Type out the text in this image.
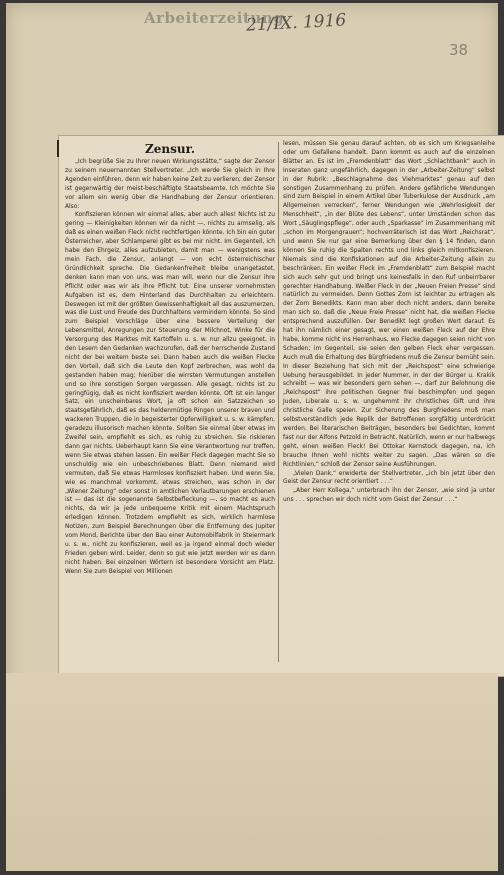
Arbeiterzeitung
21/IX. 1916
38
Zensur.

„Ich begrüße Sie zu Ihrer neuen Wirkungsstätte,“ sagte der Zensor zu seinem neuernannten Stellvertreter. „Ich werde Sie gleich in Ihre Agenden einführen, denn wir haben keine Zeit zu verlieren; der Zensor ist gegenwärtig der meist-beschäftigte Staatsbeamte. Ich möchte Sie vor allem ein wenig über die Handhabung der Zensur orientieren. Also:

Konfiszieren können wir einmal alles, aber auch alles! Nichts ist zu gering — Kleinigkeiten können wir da nicht —, nichts zu armselig, als daß es einen weißen Fleck nicht rechtfertigen könnte. Ich bin ein guter Österreicher, aber Schlamperei gibt es bei mir nicht. Im Gegenteil, ich habe den Ehrgeiz, alles aufzubieten, damit man — wenigstens was mein Fach, die Zensur, anlangt — von echt österreichischer Gründlichkeit spreche. Die Gedankenfreiheit bleibe unangetastet, denken kann man von uns, was man will, wenn nur die Zensur ihre Pflicht oder was wir als ihre Pflicht tut. Eine unserer vornehmsten Aufgaben ist es, dem Hinterland das Durchhalten zu erleichtern. Deswegen ist mit der größten Gewissenhaftigkeit all das auszumerzen, was die Lust und Freude des Durchhaltens vermindern könnte. So sind zum Beispiel Vorschläge über eine bessere Verteilung der Lebensmittel, Anregungen zur Steuerung der Milchnot, Winke für die Versorgung des Marktes mit Kartoffeln u. s. w. nur allzu geeignet, in den Lesern den Gedanken wachzurufen, daß der herrschende Zustand nicht der bei weitem beste sei. Dann haben auch die weißen Flecke den Vorteil, daß sich die Leute den Kopf zerbrechen, was wohl da gestanden haben mag; hierüber die wirrsten Vermutungen anstellen und so ihre sonstigen Sorgen vergessen. Alle gesagt, nichts ist zu geringfügig, daß es nicht konfisziert werden könnte. Oft ist ein langer Satz, ein unscheinbares Wort, ja oft schon ein Satzzeichen so staatsgefährlich, daß es das heldenmütige Ringen unserer braven und wackeren Truppen, die in begeisterter Opferwilligkeit u. s. w. kämpfen, geradezu illusorisch machen könnte. Sollten Sie einmal über etwas im Zweifel sein, empfiehlt es sich, es ruhig zu streichen. Sie riskieren dann gar nichts. Ueberhaupt kann Sie eine Verantwortung nur treffen, wenn Sie etwas stehen lassen. Ein weißer Fleck dagegen macht Sie so unschuldig wie ein unbeschriebenes Blatt. Denn niemand wird vermuten, daß Sie etwas Harmloses konfisziert haben. Und wenn Sie, wie es manchmal vorkommt, etwas streichen, was schon in der „Wiener Zeitung“ oder sonst in amtlichen Verlautbarungen erschienen ist — das ist die sogenannte Selbstbefleckung —, so macht es auch nichts, da wir ja jede unbequeme Kritik mit einem Machtspruch erledigen können. Trotzdem empfiehlt es sich, wirklich harmlose Notizen, zum Beispiel Berechnungen über die Entfernung des Jupiter vom Mond, Berichte über den Bau einer Automobilfabrik in Steiermark u. s. w., nicht zu konfiszieren, weil es ja irgend einmal doch wieder Frieden geben wird. Leider, denn so gut wie jetzt werden wir es dann nicht haben. Bei einzelnen Wörtern ist besondere Vorsicht am Platz. Wenn Sie zum Beispiel von Millionen

lesen, müssen Sie genau darauf achten, ob es sich um Kriegsanleihe oder um Gefallene handelt. Dann kommt es auch auf die einzelnen Blätter an. Es ist im „Fremdenblatt“ das Wort „Schlachtbank“ auch in Inseraten ganz ungefährlich, dagegen in der „Arbeiter-Zeitung“ selbst in der Rubrik: „Beschlagnahme des Viehmarktes“ genau auf den sonstigen Zusammenhang zu prüfen. Andere gefährliche Wendungen sind zum Beispiel in einem Artikel über Tuberkulose der Ausdruck „am Allgemeinen verrecken“, ferner Wendungen wie „Wehrlosigkeit der Menschheit“, „in der Blüte des Lebens“, unter Umständen schon das Wort „Säuglingspflege“, oder auch „Sparkasse“ im Zusammenhang mit „schon im Morgengrauen“; hochverräterisch ist das Wort „Reichsrat“, und wenn Sie nur gar eine Bemerkung über den § 14 finden, dann können Sie ruhig die Spalten rechts und links gleich mitkonfiszieren. Niemals sind die Konfiskationen auf die Arbeiter-Zeitung allein zu beschränken. Ein weißer Fleck im „Fremdenblatt“ zum Beispiel macht sich auch sehr gut und bringt uns keinesfalls in den Ruf unbeirrbarer gerechter Handhabung. Weißer Fleck in der „Neuen Freien Presse“ sind natürlich zu vermeiden. Denn Gottes Zorn ist leichter zu ertragen als der Zorn Benedikts. Kann man aber doch nicht anders, dann bereite man sich so, daß die „Neue Freie Presse“ nicht hat, die weißen Flecke entsprechend auszufüllen. Der Benedikt legt großen Wert darauf. Es hat ihn nämlich einer gesagt, wer einen weißen Fleck auf der Ehre habe, komme nicht ins Herrenhaus, wo Flecke dagegen seien nicht von Schaden; im Gegenteil, sie seien den gelben Fleck eher vergessen. Auch muß die Erhaltung des Bürgfriedens muß die Zensur bemüht sein. In dieser Beziehung hat sich mit der „Reichspost“ eine schwierige Uebung herausgebildet. In jeder Nummer, in der der Bürger u. Krakik schreibt — was wir besonders gern sehen —, darf zur Belohnung die „Reichspost“ ihre politischen Gegner frei beschimpfen und gegen Juden, Liberale u. s. w. ungehemmt ihr christliches Gift und ihre christliche Galle speien. Zur Sicherung des Burgfriedens muß man selbstverständlich jede Replik der Betroffenen sorgfältig unterdrückt werden. Bei literarischen Beiträgen, besonders bei Gedichten, kommt fast nur der Alfons Petzold in Betracht. Natürlich, wenn er nur halbwegs geht, einen weißen Fleck! Bei Ottokar Kernstock dagegen, na, ich brauche Ihnen wohl nichts weiter zu sagen. „Das wären so die Richtlinien,“ schloß der Zensor seine Ausführungen.

„Vielen Dank,“ erwiderte der Stellvertreter, „ich bin jetzt über den Geist der Zensur recht orientiert . . .“

„Aber Herr Kollega,“ unterbrach ihn der Zensor, „wie sind ja unter uns . . . sprechen wir doch nicht vom Geist der Zensur . . .“
